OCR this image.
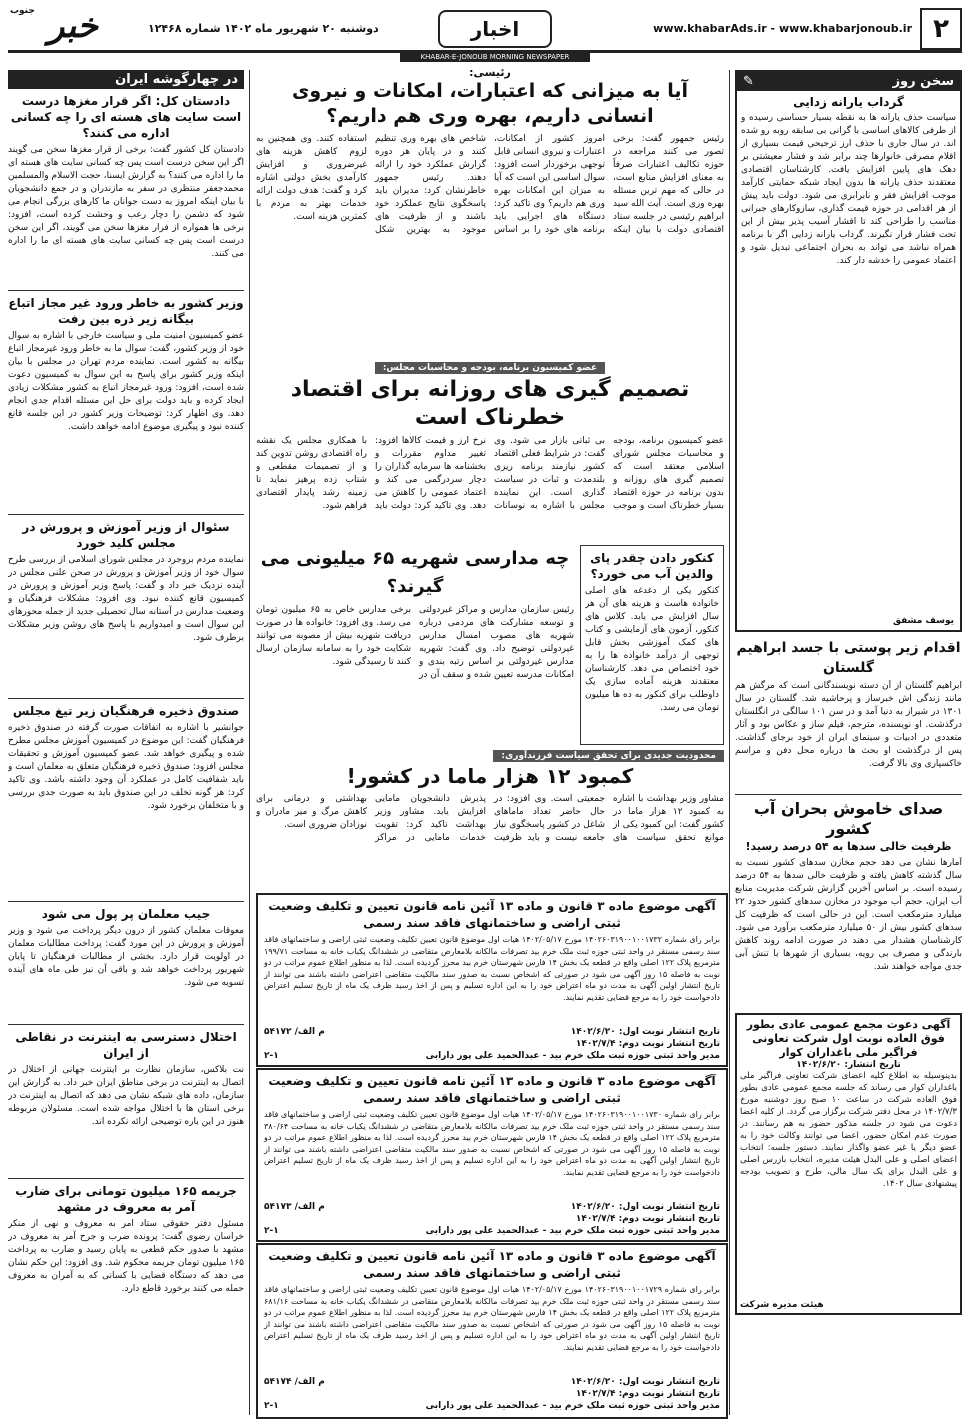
۲
www.khabarAds.ir - www.khabarjonoub.ir
اخبار
دوشنبه ۲۰ شهریور ماه ۱۴۰۲ شماره ۱۲۴۶۸
جنوب خبر
KHABAR-E-JONOUB MORNING NEWSPAPER
در چهارگوشه ایران
دادستان کل: اگر قرار مغزها درست است سایت های هسته ای را چه کسانی اداره می کنند؟
دادستان کل کشور گفت: برخی از قرار مغزها سخن می گویند اگر این سخن درست است پس چه کسانی سایت های هسته ای ما را اداره می کنند؟ به گزارش ایسنا، حجت الاسلام والمسلمین محمدجعفر منتظری در سفر به مازندران و در جمع دانشجویان با بیان اینکه امروز به دست جوانان ما کارهای بزرگی انجام می شود که دشمن را دچار رعب و وحشت کرده است، افزود: برخی ها همواره از فرار مغزها سخن می گویند، اگر این سخن درست است پس چه کسانی سایت های هسته ای ما را اداره می کنند.
وزیر کشور به خاطر ورود غیر مجاز اتباع بیگانه زیر ذره بین رفت
عضو کمیسیون امنیت ملی و سیاست خارجی با اشاره به سوال خود از وزیر کشور، گفت: سوال ما به خاطر ورود غیرمجاز اتباع بیگانه به کشور است. نماینده مردم تهران در مجلس با بیان اینکه وزیر کشور برای پاسخ به این سوال به کمیسیون دعوت شده است، افزود: ورود غیرمجاز اتباع به کشور مشکلات زیادی ایجاد کرده و باید دولت برای حل این مسئله اقدام جدی انجام دهد. وی اظهار کرد: توضیحات وزیر کشور در این جلسه قانع کننده نبود و پیگیری موضوع ادامه خواهد داشت.
سئوال از وزیر آموزش و پرورش در مجلس کلید خورد
نماینده مردم بروجرد در مجلس شورای اسلامی از بررسی طرح سوال خود از وزیر آموزش و پرورش در صحن علنی مجلس در آینده نزدیک خبر داد و گفت: پاسخ وزیر آموزش و پرورش در کمیسیون قانع کننده نبود. وی افزود: مشکلات فرهنگیان و وضعیت مدارس در آستانه سال تحصیلی جدید از جمله محورهای این سوال است و امیدواریم با پاسخ های روشن وزیر مشکلات برطرف شود.
صندوق ذخیره فرهنگیان زیر تیغ مجلس
جوانشیر با اشاره به اتفاقات صورت گرفته در صندوق ذخیره فرهنگیان گفت: این موضوع در کمیسیون آموزش مجلس مطرح شده و پیگیری خواهد شد. عضو کمیسیون آموزش و تحقیقات مجلس افزود: صندوق ذخیره فرهنگیان متعلق به معلمان است و باید شفافیت کامل در عملکرد آن وجود داشته باشد. وی تاکید کرد: هر گونه تخلف در این صندوق باید به صورت جدی بررسی و با متخلفان برخورد شود.
جیب معلمان پر پول می شود
معوقات معلمان کشور از درون دیگر پرداخت می شود و وزیر آموزش و پرورش در این مورد گفت: پرداخت مطالبات معلمان در اولویت قرار دارد. بخشی از مطالبات فرهنگیان تا پایان شهریور پرداخت خواهد شد و باقی آن نیز طی ماه های آینده تسویه می شود.
اختلال دسترسی به اینترنت در نقاطی از ایران
نت بلاکس، سازمان نظارت بر اینترنت جهانی از اختلال در اتصال به اینترنت در برخی مناطق ایران خبر داد. به گزارش این سازمان، داده های شبکه نشان می دهد که اتصال به اینترنت در برخی استان ها با اختلال مواجه شده است. مسئولان مربوطه هنوز در این باره توضیحی ارائه نکرده اند.
جریمه ۱۶۵ میلیون تومانی برای ضارب آمر به معروف در مشهد
مسئول دفتر حقوقی ستاد امر به معروف و نهی از منکر خراسان رضوی گفت: پرونده ضرب و جرح آمر به معروف در مشهد با صدور حکم قطعی به پایان رسید و ضارب به پرداخت ۱۶۵ میلیون تومان جریمه محکوم شد. وی افزود: این حکم نشان می دهد که دستگاه قضایی با کسانی که به آمران به معروف حمله می کنند برخورد قاطع دارد.
رئیسی:
آیا به میزانی که اعتبارات، امکانات و نیروی انسانی داریم، بهره وری هم داریم؟
رئیس جمهور گفت: برخی تصور می کنند مراجعه در حوزه تکالیف اعتبارات صرفاً به معنای افزایش منابع است، در حالی که مهم ترین مسئله بهره وری است. آیت الله سید ابراهیم رئیسی در جلسه ستاد اقتصادی دولت با بیان اینکه امروز کشور از امکانات، اعتبارات و نیروی انسانی قابل توجهی برخوردار است افزود: سوال اساسی این است که آیا به میزان این امکانات بهره وری هم داریم؟ وی تاکید کرد: دستگاه های اجرایی باید برنامه های خود را بر اساس شاخص های بهره وری تنظیم کنند و در پایان هر دوره گزارش عملکرد خود را ارائه دهند. رئیس جمهور خاطرنشان کرد: مدیران باید پاسخگوی نتایج عملکرد خود باشند و از ظرفیت های موجود به بهترین شکل استفاده کنند. وی همچنین به لزوم کاهش هزینه های غیرضروری و افزایش کارآمدی بخش دولتی اشاره کرد و گفت: هدف دولت ارائه خدمات بهتر به مردم با کمترین هزینه است.
عضو کمیسیون برنامه، بودجه و محاسبات مجلس:
تصمیم گیری های روزانه برای اقتصاد خطرناک است
عضو کمیسیون برنامه، بودجه و محاسبات مجلس شورای اسلامی معتقد است که تصمیم گیری های روزانه و بدون برنامه در حوزه اقتصاد بسیار خطرناک است و موجب بی ثباتی بازار می شود. وی گفت: در شرایط فعلی اقتصاد کشور نیازمند برنامه ریزی بلندمدت و ثبات در سیاست گذاری است. این نماینده مجلس با اشاره به نوسانات نرخ ارز و قیمت کالاها افزود: تغییر مداوم مقررات و بخشنامه ها سرمایه گذاران را دچار سردرگمی می کند و اعتماد عمومی را کاهش می دهد. وی تاکید کرد: دولت باید با همکاری مجلس یک نقشه راه اقتصادی روشن تدوین کند و از تصمیمات مقطعی و شتاب زده پرهیز نماید تا زمینه رشد پایدار اقتصادی فراهم شود.
کنکور دادن چقدر پای والدین آب می خورد؟
کنکور یکی از دغدغه های اصلی خانواده هاست و هزینه های آن هر سال افزایش می یابد. کلاس های کنکور، آزمون های آزمایشی و کتاب های کمک آموزشی بخش قابل توجهی از درآمد خانواده ها را به خود اختصاص می دهد. کارشناسان معتقدند هزینه آماده سازی یک داوطلب برای کنکور به ده ها میلیون تومان می رسد.
چه مدارسی شهریه ۶۵ میلیونی می گیرند؟
رئیس سازمان مدارس و مراکز غیردولتی و توسعه مشارکت های مردمی درباره شهریه های مصوب امسال مدارس غیردولتی توضیح داد. وی گفت: شهریه مدارس غیردولتی بر اساس رتبه بندی و امکانات مدرسه تعیین شده و سقف آن در برخی مدارس خاص به ۶۵ میلیون تومان می رسد. وی افزود: خانواده ها در صورت دریافت شهریه بیش از مصوبه می توانند شکایت خود را به سامانه سازمان ارسال کنند تا رسیدگی شود.
محدودیت جدیدی برای تحقق سیاست فرزندآوری:
کمبود ۱۲ هزار ماما در کشور!
مشاور وزیر بهداشت با اشاره به کمبود ۱۲ هزار ماما در کشور گفت: این کمبود یکی از موانع تحقق سیاست های جمعیتی است. وی افزود: در حال حاضر تعداد ماماهای شاغل در کشور پاسخگوی نیاز جامعه نیست و باید ظرفیت پذیرش دانشجویان مامایی افزایش یابد. مشاور وزیر بهداشت تاکید کرد: تقویت خدمات مامایی در مراکز بهداشتی و درمانی برای کاهش مرگ و میر مادران و نوزادان ضروری است.
آگهی موضوع ماده ۳ قانون و ماده ۱۳ آئین نامه قانون تعیین و تکلیف وضعیت ثبتی اراضی و ساختمانهای فاقد سند رسمی
برابر رای شماره ۱۴۰۲۶۰۳۱۹۰۰۱۰۰۱۷۳۲ مورخ ۱۴۰۲/۰۵/۱۷ هیات اول موضوع قانون تعیین تکلیف وضعیت ثبتی اراضی و ساختمانهای فاقد سند رسمی مستقر در واحد ثبتی حوزه ثبت ملک خرم بید تصرفات مالکانه بلامعارض متقاضی در ششدانگ یکباب خانه به مساحت ۱۹۹/۷۱ مترمربع پلاک ۱۲۲ اصلی واقع در قطعه یک بخش ۱۴ فارس شهرستان خرم بید محرز گردیده است. لذا به منظور اطلاع عموم مراتب در دو نوبت به فاصله ۱۵ روز آگهی می شود در صورتی که اشخاص نسبت به صدور سند مالکیت متقاضی اعتراضی داشته باشند می توانند از تاریخ انتشار اولین آگهی به مدت دو ماه اعتراض خود را به این اداره تسلیم و پس از اخذ رسید ظرف یک ماه از تاریخ تسلیم اعتراض دادخواست خود را به مرجع قضایی تقدیم نمایند.
تاریخ انتشار نوبت اول: ۱۴۰۲/۶/۲۰
م الف/ ۵۴۱۷۲
تاریخ انتشار نوبت دوم: ۱۴۰۲/۷/۴
مدیر واحد ثبتی حوزه ثبت ملک خرم بید - عبدالحمید علی پور دارابی
۲-۱
آگهی موضوع ماده ۳ قانون و ماده ۱۳ آئین نامه قانون تعیین و تکلیف وضعیت ثبتی اراضی و ساختمانهای فاقد سند رسمی
برابر رای شماره ۱۴۰۲۶۰۳۱۹۰۰۱۰۰۱۷۳۰ مورخ ۱۴۰۲/۰۵/۱۷ هیات اول موضوع قانون تعیین تکلیف وضعیت ثبتی اراضی و ساختمانهای فاقد سند رسمی مستقر در واحد ثبتی حوزه ثبت ملک خرم بید تصرفات مالکانه بلامعارض متقاضی در ششدانگ یکباب خانه به مساحت ۳۸۰/۶۴ مترمربع پلاک ۱۲۲ اصلی واقع در قطعه یک بخش ۱۴ فارس شهرستان خرم بید محرز گردیده است. لذا به منظور اطلاع عموم مراتب در دو نوبت به فاصله ۱۵ روز آگهی می شود در صورتی که اشخاص نسبت به صدور سند مالکیت متقاضی اعتراضی داشته باشند می توانند از تاریخ انتشار اولین آگهی به مدت دو ماه اعتراض خود را به این اداره تسلیم و پس از اخذ رسید ظرف یک ماه از تاریخ تسلیم اعتراض دادخواست خود را به مرجع قضایی تقدیم نمایند.
تاریخ انتشار نوبت اول: ۱۴۰۲/۶/۲۰
م الف/ ۵۴۱۷۳
تاریخ انتشار نوبت دوم: ۱۴۰۲/۷/۴
مدیر واحد ثبتی حوزه ثبت ملک خرم بید - عبدالحمید علی پور دارابی
۲-۱
آگهی موضوع ماده ۳ قانون و ماده ۱۳ آئین نامه قانون تعیین و تکلیف وضعیت ثبتی اراضی و ساختمانهای فاقد سند رسمی
برابر رای شماره ۱۴۰۲۶۰۳۱۹۰۰۱۰۰۱۷۲۹ مورخ ۱۴۰۲/۰۵/۱۷ هیات اول موضوع قانون تعیین تکلیف وضعیت ثبتی اراضی و ساختمانهای فاقد سند رسمی مستقر در واحد ثبتی حوزه ثبت ملک خرم بید تصرفات مالکانه بلامعارض متقاضی در ششدانگ یکباب خانه به مساحت ۶۸۱/۱۶ مترمربع پلاک ۱۲۲ اصلی واقع در قطعه یک بخش ۱۴ فارس شهرستان خرم بید محرز گردیده است. لذا به منظور اطلاع عموم مراتب در دو نوبت به فاصله ۱۵ روز آگهی می شود در صورتی که اشخاص نسبت به صدور سند مالکیت متقاضی اعتراضی داشته باشند می توانند از تاریخ انتشار اولین آگهی به مدت دو ماه اعتراض خود را به این اداره تسلیم و پس از اخذ رسید ظرف یک ماه از تاریخ تسلیم اعتراض دادخواست خود را به مرجع قضایی تقدیم نمایند.
تاریخ انتشار نوبت اول: ۱۴۰۲/۶/۲۰
م الف/ ۵۴۱۷۴
تاریخ انتشار نوبت دوم: ۱۴۰۲/۷/۴
مدیر واحد ثبتی حوزه ثبت ملک خرم بید - عبدالحمید علی پور دارابی
۲-۱
سخن روز
✎
گرداب یارانه زدایی
سیاست حذف یارانه ها به نقطه بسیار حساسی رسیده و از طرفی کالاهای اساسی با گرانی بی سابقه روبه رو شده اند. در سال جاری با حذف ارز ترجیحی قیمت بسیاری از اقلام مصرفی خانوارها چند برابر شد و فشار معیشتی بر دهک های پایین افزایش یافت. کارشناسان اقتصادی معتقدند حذف یارانه ها بدون ایجاد شبکه حمایتی کارآمد موجب افزایش فقر و نابرابری می شود. دولت باید پیش از هر اقدامی در حوزه قیمت گذاری، سازوکارهای جبرانی مناسب را طراحی کند تا اقشار آسیب پذیر بیش از این تحت فشار قرار نگیرند. گرداب یارانه زدایی اگر با برنامه همراه نباشد می تواند به بحران اجتماعی تبدیل شود و اعتماد عمومی را خدشه دار کند.
یوسف مشفق
اقدام زیر پوستی با جسد ابراهیم گلستان
ابراهیم گلستان از آن دسته نویسندگانی است که مرگش هم مانند زندگی اش خبرساز و پرحاشیه شد. گلستان در سال ۱۳۰۱ در شیراز به دنیا آمد و در سن ۱۰۱ سالگی در انگلستان درگذشت. او نویسنده، مترجم، فیلم ساز و عکاس بود و آثار متعددی در ادبیات و سینمای ایران از خود برجای گذاشت. پس از درگذشت او بحث ها درباره محل دفن و مراسم خاکسپاری وی بالا گرفت.
صدای خاموش بحران آب کشور
ظرفیت خالی سدها به ۵۴ درصد رسید!
آمارها نشان می دهد حجم مخازن سدهای کشور نسبت به سال گذشته کاهش یافته و ظرفیت خالی سدها به ۵۴ درصد رسیده است. بر اساس آخرین گزارش شرکت مدیریت منابع آب ایران، حجم آب موجود در مخازن سدهای کشور حدود ۲۲ میلیارد مترمکعب است. این در حالی است که ظرفیت کل سدهای کشور بیش از ۵۰ میلیارد مترمکعب برآورد می شود. کارشناسان هشدار می دهند در صورت ادامه روند کاهش بارندگی و مصرف بی رویه، بسیاری از شهرها با تنش آبی جدی مواجه خواهند شد.
آگهی دعوت مجمع عمومی عادی بطور فوق العاده نوبت اول شرکت تعاونی فراگیر ملی باغداران کوار
تاریخ انتشار: ۱۴۰۲/۶/۲۰
بدینوسیله به اطلاع کلیه اعضای شرکت تعاونی فراگیر ملی باغداران کوار می رساند که جلسه مجمع عمومی عادی بطور فوق العاده شرکت در ساعت ۱۰ صبح روز دوشنبه مورخ ۱۴۰۲/۷/۳ در محل دفتر شرکت برگزار می گردد. از کلیه اعضا دعوت می شود در جلسه مذکور حضور به هم رسانند. در صورت عدم امکان حضور، اعضا می توانند وکالت خود را به عضو دیگر یا غیر عضو واگذار نمایند. دستور جلسه: انتخاب اعضای اصلی و علی البدل هیئت مدیره، انتخاب بازرس اصلی و علی البدل برای یک سال مالی، طرح و تصویب بودجه پیشنهادی سال ۱۴۰۲.
هیئت مدیره شرکت
